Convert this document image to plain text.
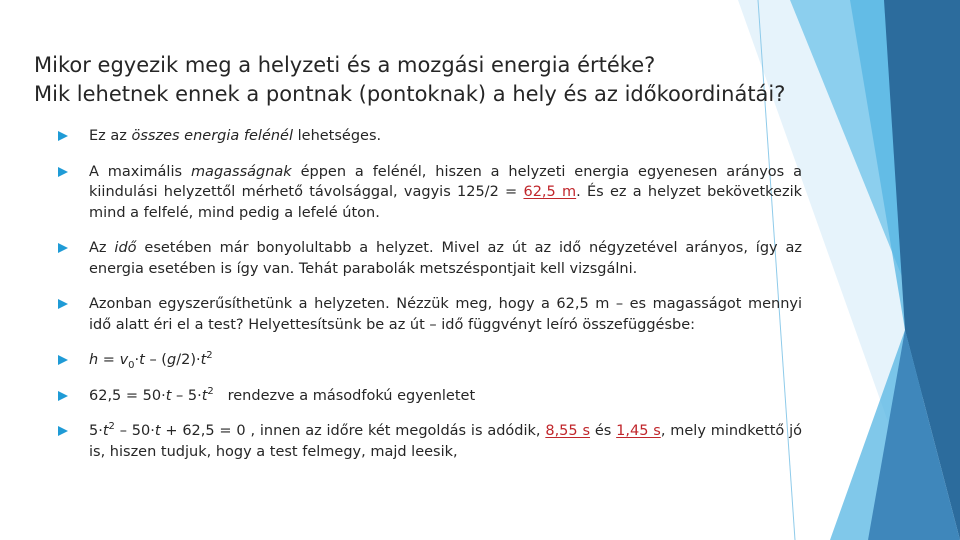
Mikor egyezik meg a helyzeti és a mozgási energia értéke?
Mik lehetnek ennek a pontnak (pontoknak) a hely és az időkoordinátái?
Ez az összes energia felénél lehetséges.
A maximális magasságnak éppen a felénél, hiszen a helyzeti energia egyenesen arányos a kiindulási helyzettől mérhető távolsággal, vagyis 125/2 = 62,5 m. És ez a helyzet bekövetkezik mind a felfelé, mind pedig a lefelé úton.
Az idő esetében már bonyolultabb a helyzet. Mivel az út az idő négyzetével arányos, így az energia esetében is így van. Tehát parabolák metszéspontjait kell vizsgálni.
Azonban egyszerűsíthetünk a helyzeten. Nézzük meg, hogy a 62,5 m – es magasságot mennyi idő alatt éri el a test? Helyettesítsünk be az út – idő függvényt leíró összefüggésbe:
$h = v_0\cdot t - (g/2)\cdot t^2$
$62,5 = 50\cdot t - 5\cdot t^2$   rendezve a másodfokú egyenletet
$5\cdot t^2 - 50\cdot t + 62,5 = 0$ , innen az időre két megoldás is adódik, 8,55 s és 1,45 s, mely mindkettő jó is, hiszen tudjuk, hogy a test felmegy, majd leesik,
